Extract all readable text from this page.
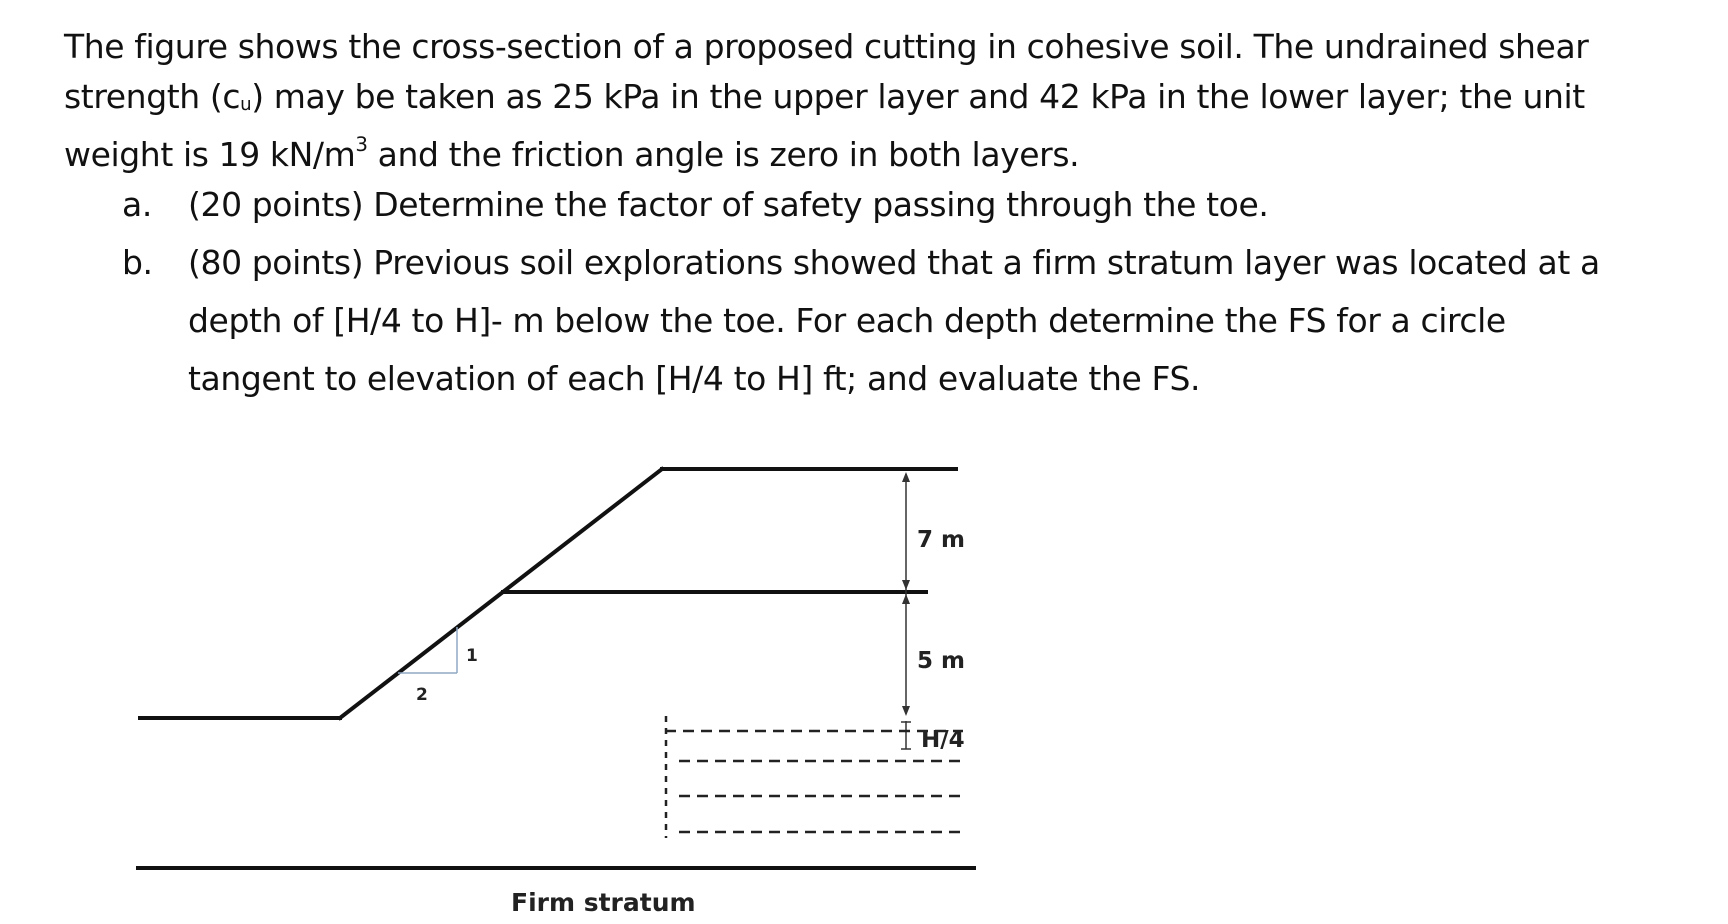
The figure shows the cross-section of a proposed cutting in cohesive soil. The undrained shear
strength (cu) may be taken as 25 kPa in the upper layer and 42 kPa in the lower layer; the unit
weight is 19 $kN/m^3$ and the friction angle is zero in both layers.

a. (20 points) Determine the factor of safety passing through the toe.

b. (80 points) Previous soil explorations showed that a firm stratum layer was located at a
depth of [H/4 to H]- m below the toe. For each depth determine the FS for a circle
tangent to elevation of each [H/4 to H] ft; and evaluate the FS.

1
2
7 m
5 m
H/4
Firm stratum
